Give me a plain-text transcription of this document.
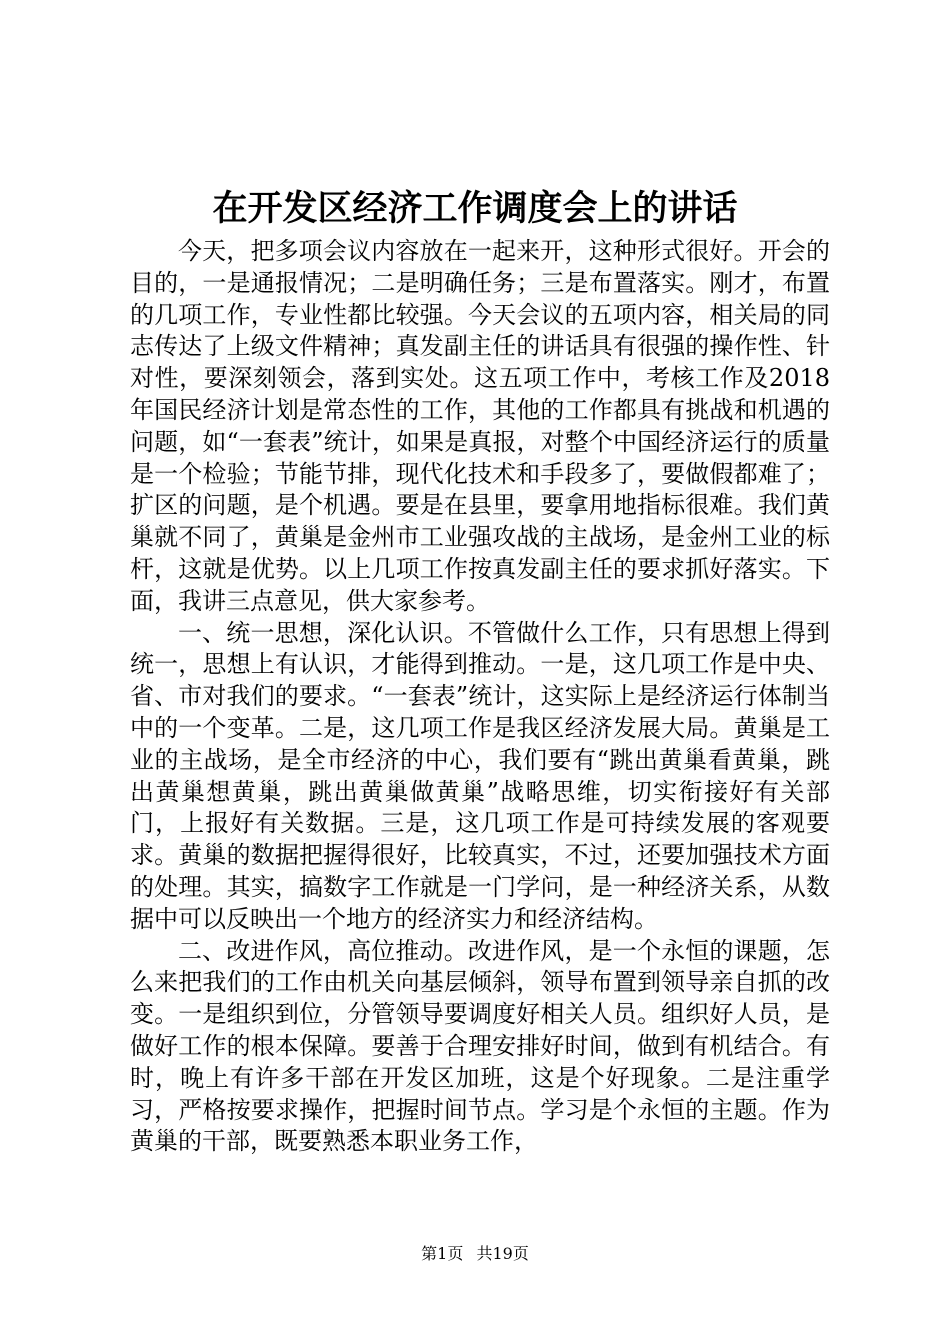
在开发区经济工作调度会上的讲话

今天，把多项会议内容放在一起来开，这种形式很好。开会的目的，一是通报情况；二是明确任务；三是布置落实。刚才，布置的几项工作，专业性都比较强。今天会议的五项内容，相关局的同志传达了上级文件精神；真发副主任的讲话具有很强的操作性、针对性，要深刻领会，落到实处。这五项工作中，考核工作及2018年国民经济计划是常态性的工作，其他的工作都具有挑战和机遇的问题，如“一套表”统计，如果是真报，对整个中国经济运行的质量是一个检验；节能节排，现代化技术和手段多了，要做假都难了；扩区的问题，是个机遇。要是在县里，要拿用地指标很难。我们黄巢就不同了，黄巢是金州市工业强攻战的主战场，是金州工业的标杆，这就是优势。以上几项工作按真发副主任的要求抓好落实。下面，我讲三点意见，供大家参考。

一、统一思想，深化认识。不管做什么工作，只有思想上得到统一，思想上有认识，才能得到推动。一是，这几项工作是中央、省、市对我们的要求。“一套表”统计，这实际上是经济运行体制当中的一个变革。二是，这几项工作是我区经济发展大局。黄巢是工业的主战场，是全市经济的中心，我们要有“跳出黄巢看黄巢，跳出黄巢想黄巢，跳出黄巢做黄巢”战略思维，切实衔接好有关部门，上报好有关数据。三是，这几项工作是可持续发展的客观要求。黄巢的数据把握得很好，比较真实，不过，还要加强技术方面的处理。其实，搞数字工作就是一门学问，是一种经济关系，从数据中可以反映出一个地方的经济实力和经济结构。

二、改进作风，高位推动。改进作风，是一个永恒的课题，怎么来把我们的工作由机关向基层倾斜，领导布置到领导亲自抓的改变。一是组织到位，分管领导要调度好相关人员。组织好人员，是做好工作的根本保障。要善于合理安排好时间，做到有机结合。有时，晚上有许多干部在开发区加班，这是个好现象。二是注重学习，严格按要求操作，把握时间节点。学习是个永恒的主题。作为黄巢的干部，既要熟悉本职业务工作，

第1页 共19页
